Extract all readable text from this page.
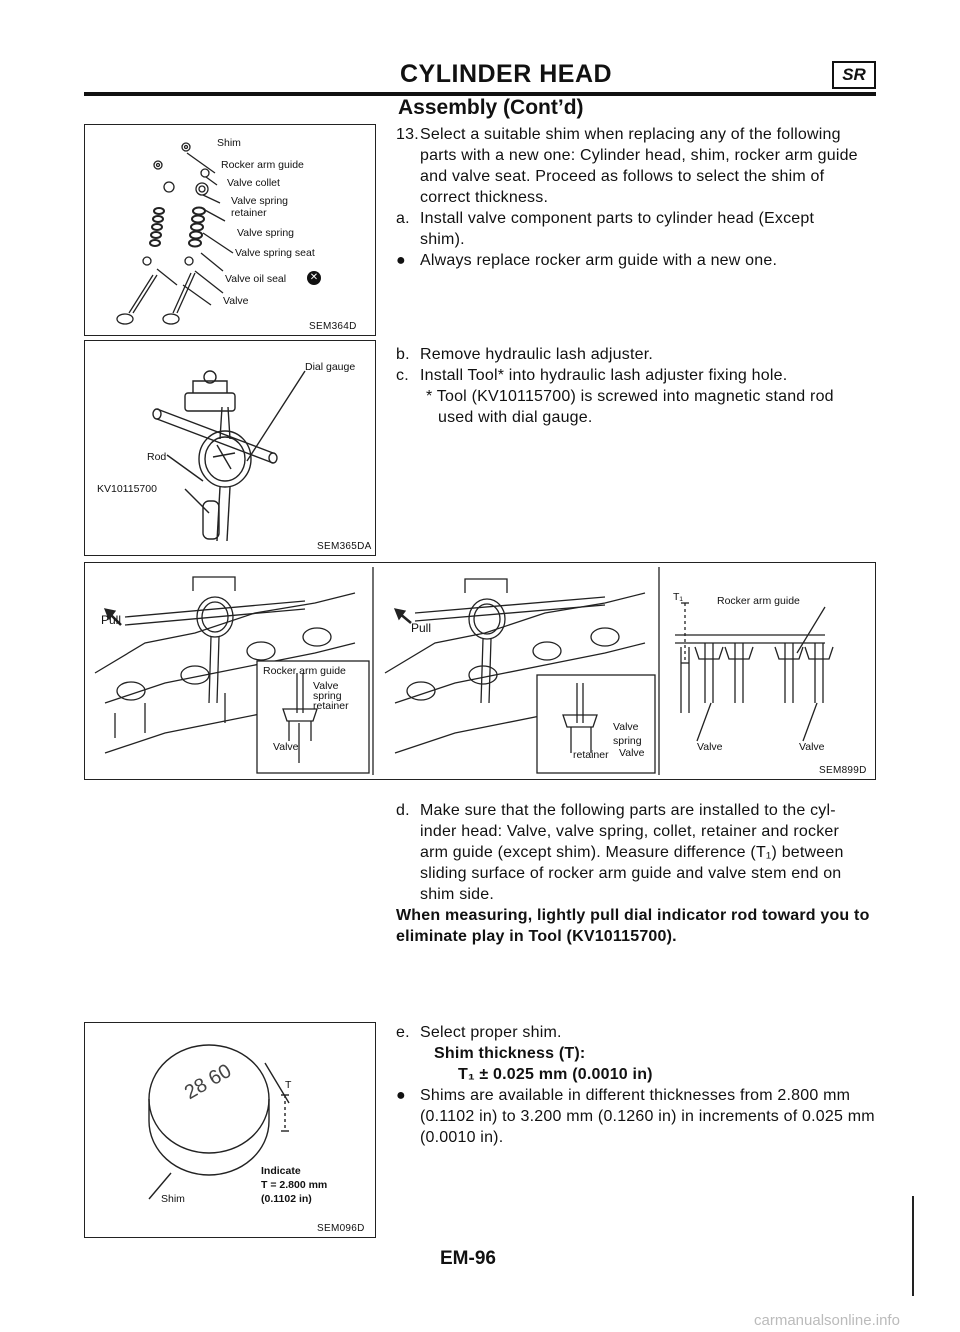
CYLINDER HEAD	SR
Assembly (Cont’d)
13. Select a suitable shim when replacing any of the following
parts with a new one: Cylinder head, shim, rocker arm guide
and valve seat. Proceed as follows to select the shim of
correct thickness.
a. Install valve component parts to cylinder head (Except
shim).
● Always replace rocker arm guide with a new one.
b. Remove hydraulic lash adjuster.
c. Install Tool* into hydraulic lash adjuster fixing hole.
* Tool (KV10115700) is screwed into magnetic stand rod
used with dial gauge.
Shim
Rocker arm guide
Valve collet
Valve spring
retainer
Valve spring
Valve spring seat
Valve oil seal ✕
Valve
SEM364D
Dial gauge
Rod
KV10115700
SEM365DA
Pull
Rocker arm guide
Valve
spring
retainer
Valve
Pull
Valve
spring
Valve
retainer
T₁	Rocker arm guide
Valve	Valve
SEM899D
d. Make sure that the following parts are installed to the cyl-
inder head: Valve, valve spring, collet, retainer and rocker
arm guide (except shim). Measure difference (T₁) between
sliding surface of rocker arm guide and valve stem end on
shim side.
When measuring, lightly pull dial indicator rod toward you to
eliminate play in Tool (KV10115700).
28 60	T
Shim
Indicate
T = 2.800 mm
(0.1102 in)
SEM096D
e. Select proper shim.
Shim thickness (T):
T₁ ± 0.025 mm (0.0010 in)
● Shims are available in different thicknesses from 2.800 mm
(0.1102 in) to 3.200 mm (0.1260 in) in increments of 0.025 mm
(0.0010 in).
EM-96
carmanualsonline.info
